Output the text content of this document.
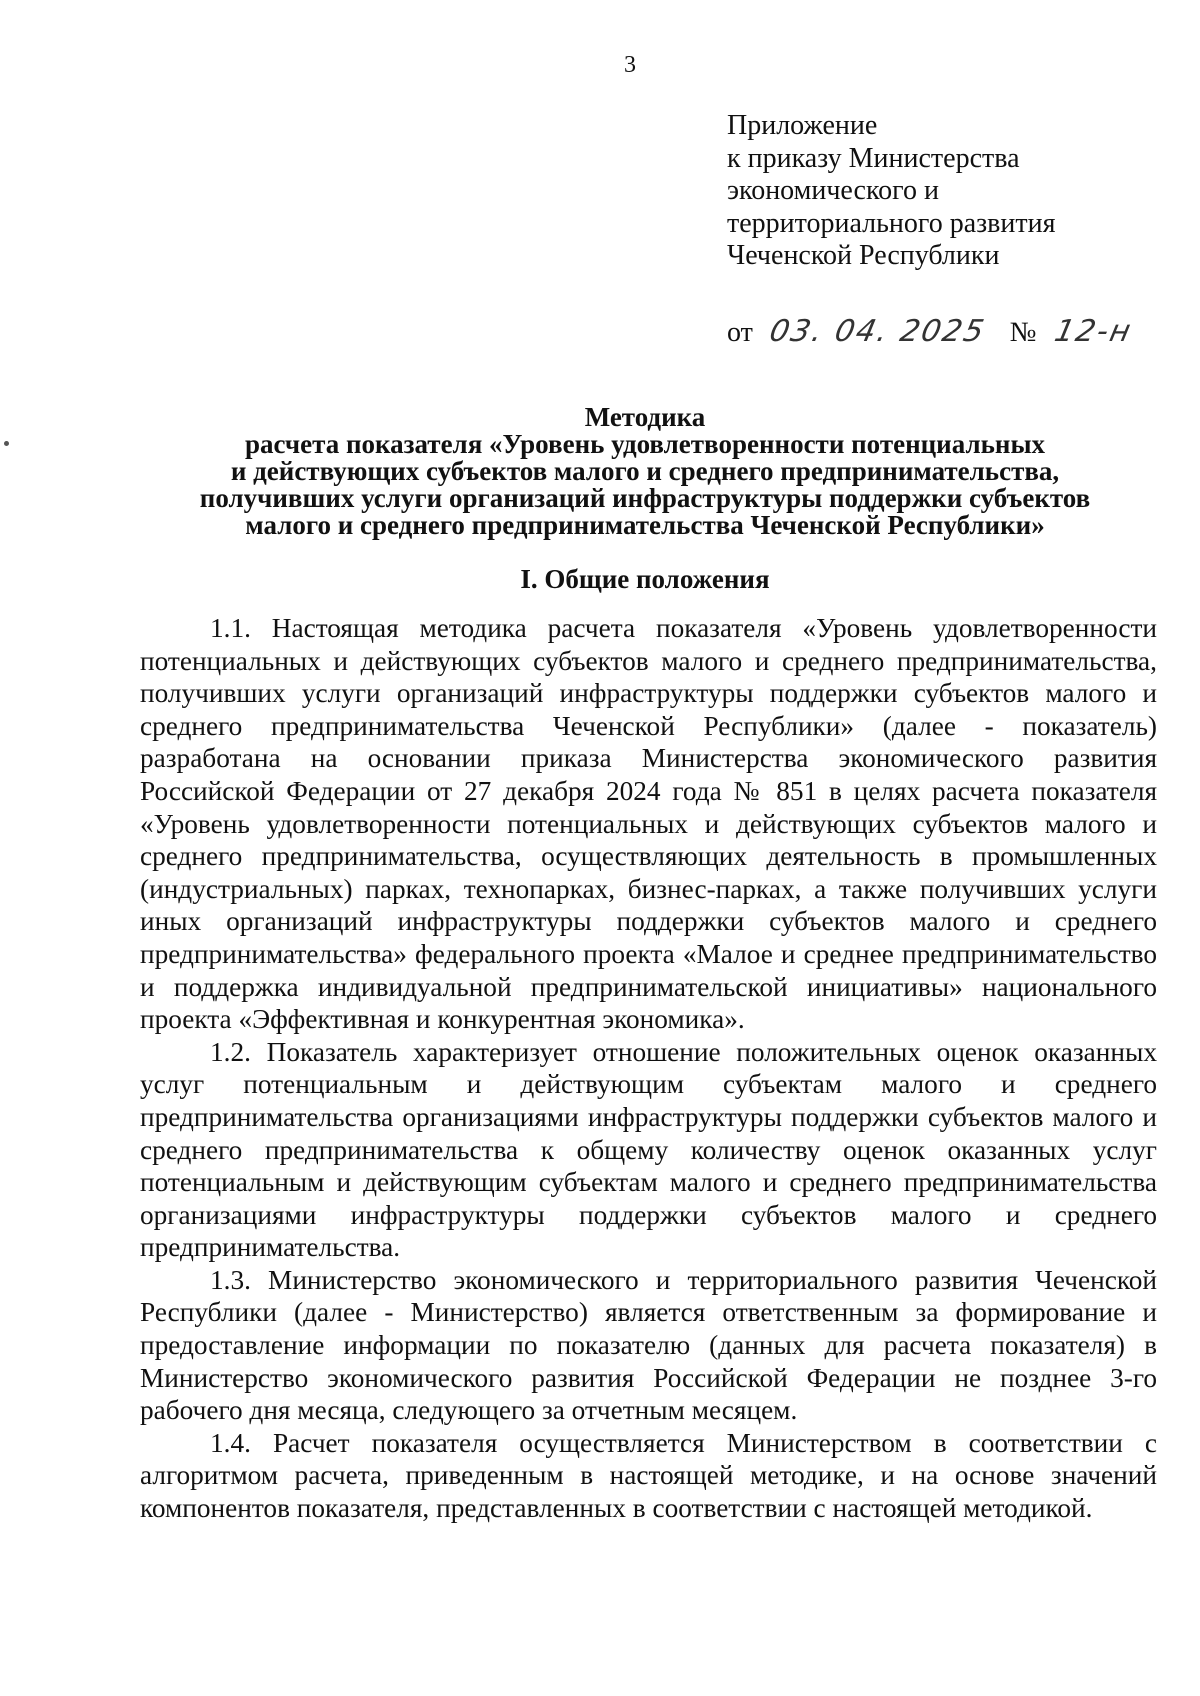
3
Приложение
к приказу Министерства
экономического и
территориального развития
Чеченской Республики
от 03. 04. 2025 № 12-н
Методика
расчета показателя «Уровень удовлетворенности потенциальных
и действующих субъектов малого и среднего предпринимательства,
получивших услуги организаций инфраструктуры поддержки субъектов
малого и среднего предпринимательства Чеченской Республики»
I. Общие положения

1.1. Настоящая методика расчета показателя «Уровень удовлетворенности потенциальных и действующих субъектов малого и среднего предпринимательства, получивших услуги организаций инфраструктуры поддержки субъектов малого и среднего предпринимательства Чеченской Республики» (далее - показатель) разработана на основании приказа Министерства экономического развития Российской Федерации от 27 декабря 2024 года № 851 в целях расчета показателя «Уровень удовлетворенности потенциальных и действующих субъектов малого и среднего предпринимательства, осуществляющих деятельность в промышленных (индустриальных) парках, технопарках, бизнес-парках, а также получивших услуги иных организаций инфраструктуры поддержки субъектов малого и среднего предпринимательства» федерального проекта «Малое и среднее предпринимательство и поддержка индивидуальной предпринимательской инициативы» национального проекта «Эффективная и конкурентная экономика».

1.2. Показатель характеризует отношение положительных оценок оказанных услуг потенциальным и действующим субъектам малого и среднего предпринимательства организациями инфраструктуры поддержки субъектов малого и среднего предпринимательства к общему количеству оценок оказанных услуг потенциальным и действующим субъектам малого и среднего предпринимательства организациями инфраструктуры поддержки субъектов малого и среднего предпринимательства.

1.3. Министерство экономического и территориального развития Чеченской Республики (далее - Министерство) является ответственным за формирование и предоставление информации по показателю (данных для расчета показателя) в Министерство экономического развития Российской Федерации не позднее 3-го рабочего дня месяца, следующего за отчетным месяцем.

1.4. Расчет показателя осуществляется Министерством в соответствии с алгоритмом расчета, приведенным в настоящей методике, и на основе значений компонентов показателя, представленных в соответствии с настоящей методикой.
